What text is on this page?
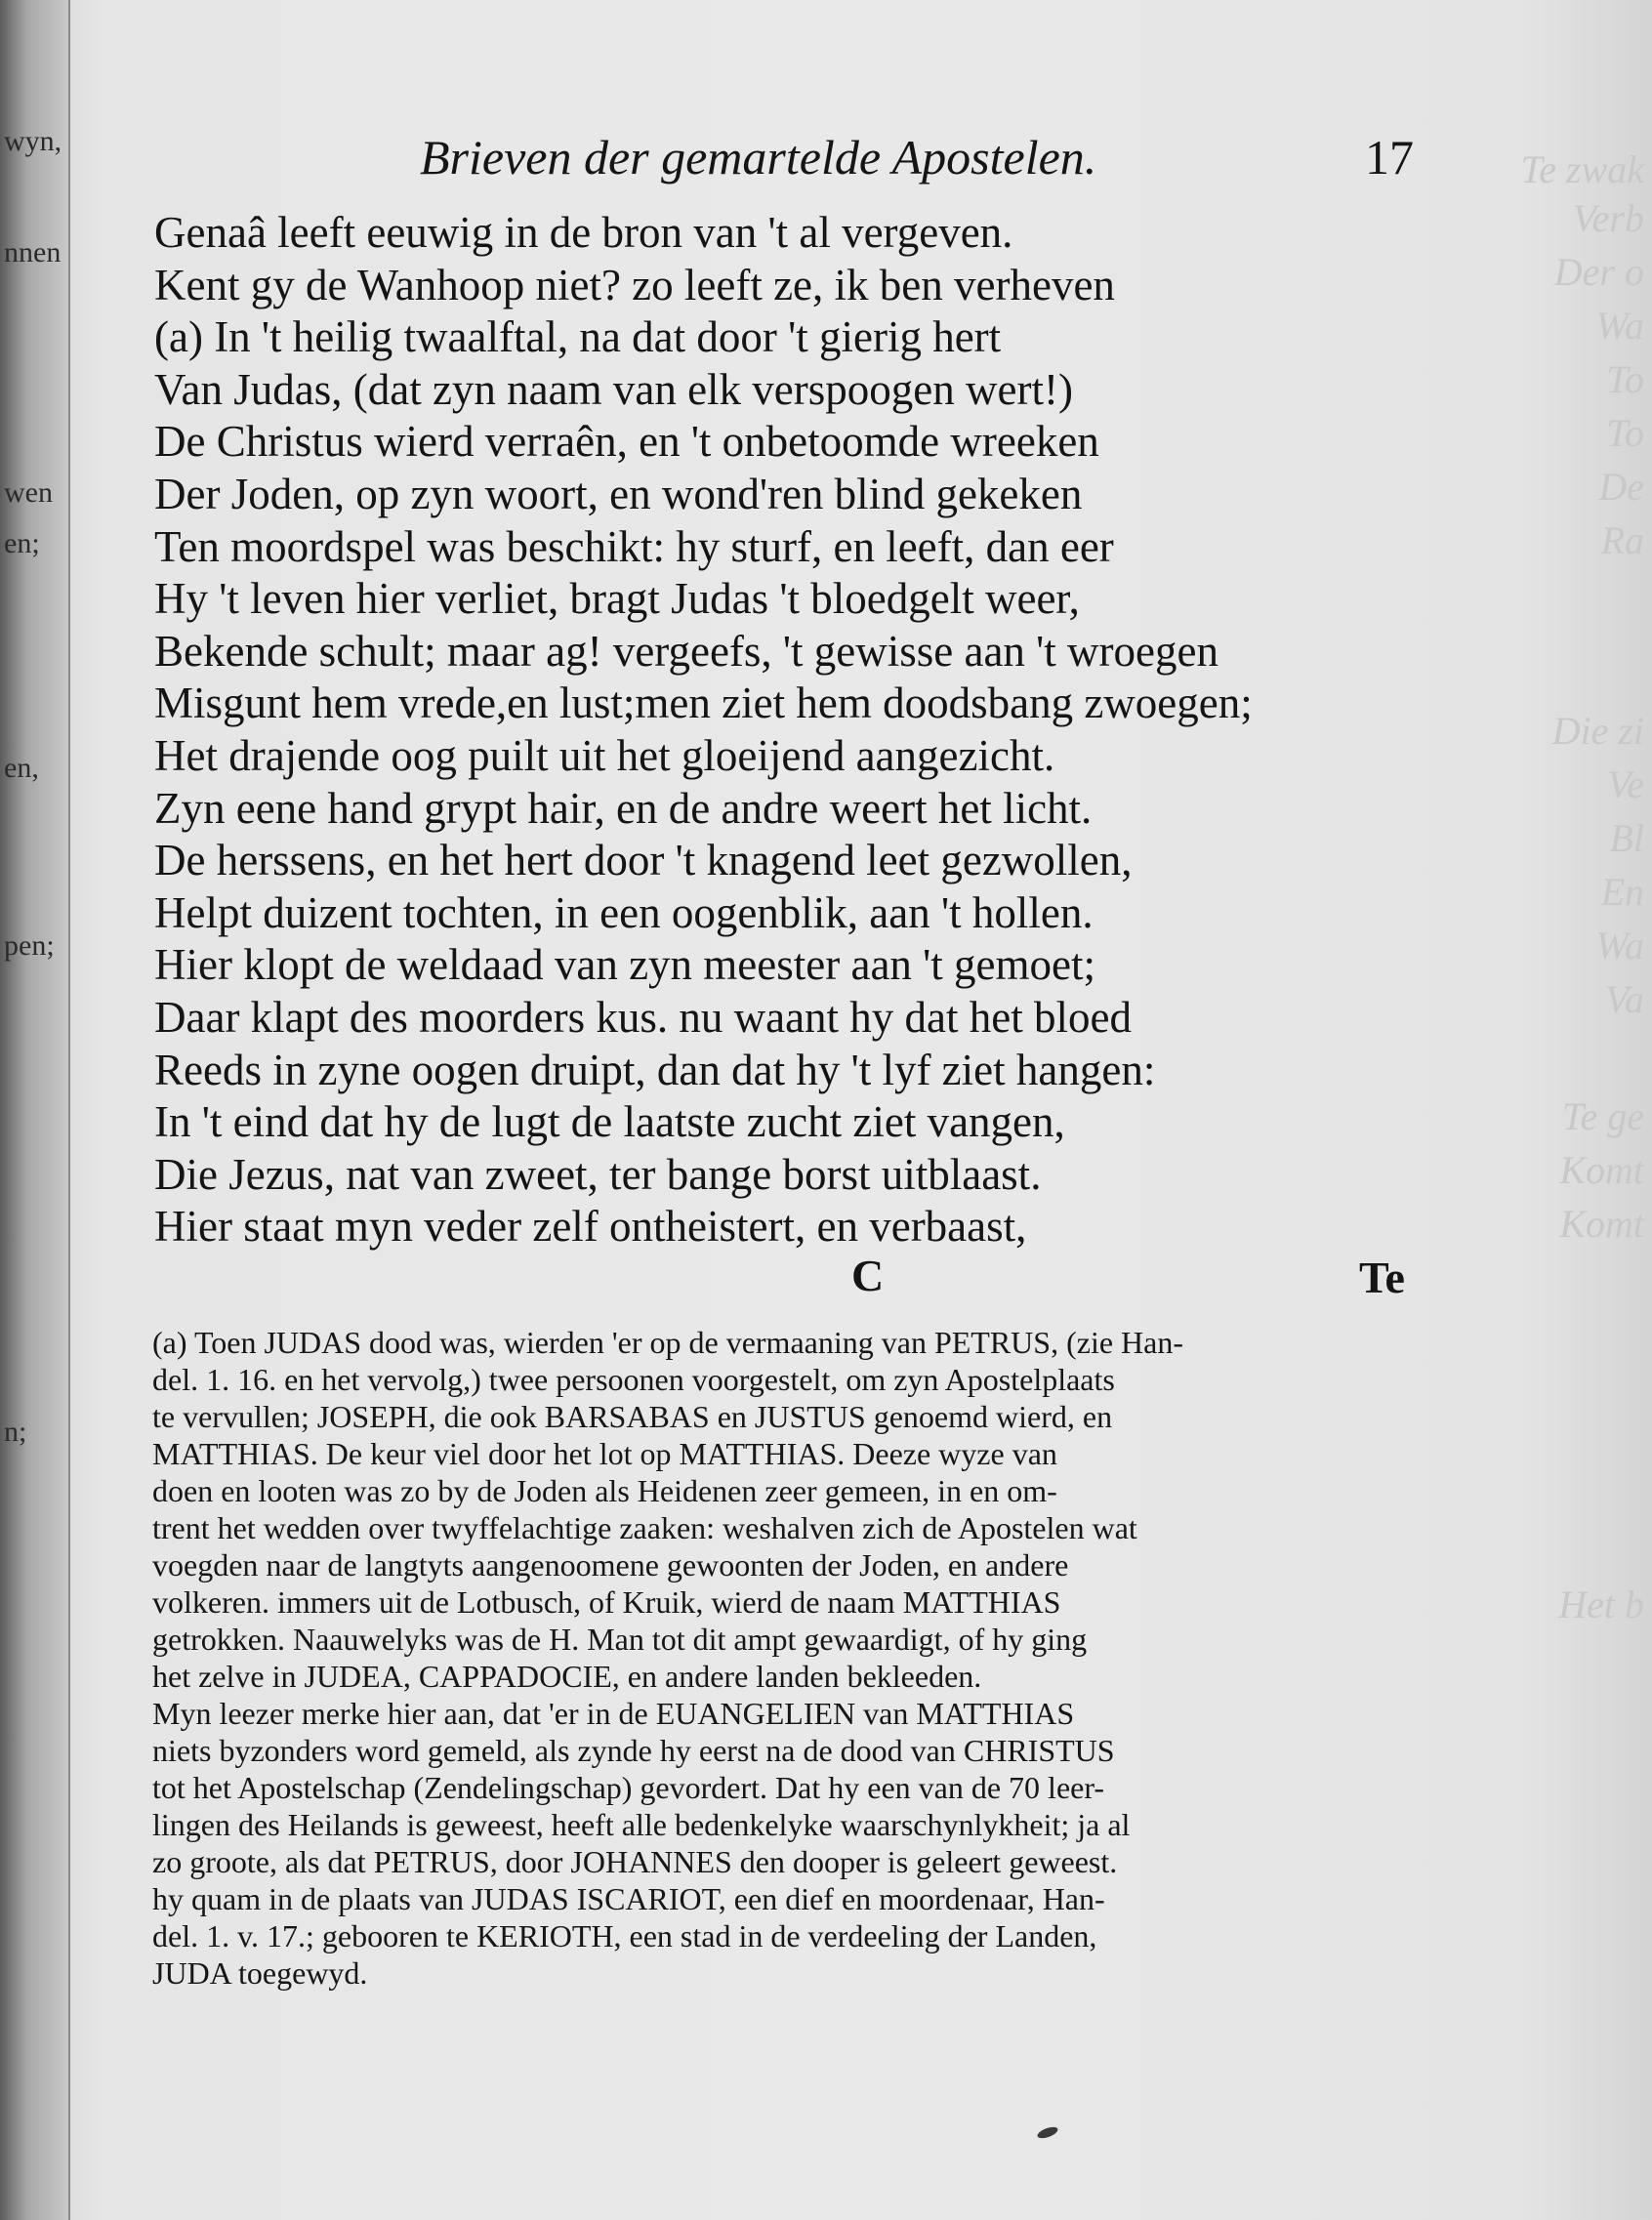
wyn,
nnen
wen
en;
en,
pen;
n;
Te zwak
Verb
Der o
Wa
To
To
De
Ra
Die zi
Ve
Bl
En
Wa
Va
Te ge
Komt
Komt
Het b
Brieven der gemartelde Apostelen.	17
Genaâ leeft eeuwig in de bron van 't al vergeven.
Kent gy de Wanhoop niet? zo leeft ze, ik ben verheven
(a) In 't heilig twaalftal, na dat door 't gierig hert
Van Judas, (dat zyn naam van elk verspoogen wert!)
De Christus wierd verraên, en 't onbetoomde wreeken
Der Joden, op zyn woort, en wond'ren blind gekeken
Ten moordspel was beschikt: hy sturf, en leeft, dan eer
Hy 't leven hier verliet, bragt Judas 't bloedgelt weer,
Bekende schult; maar ag! vergeefs, 't gewisse aan 't wroegen
Misgunt hem vrede,en lust;men ziet hem doodsbang zwoegen;
Het drajende oog puilt uit het gloeijend aangezicht.
Zyn eene hand grypt hair, en de andre weert het licht.
De herssens, en het hert door 't knagend leet gezwollen,
Helpt duizent tochten, in een oogenblik, aan 't hollen.
Hier klopt de weldaad van zyn meester aan 't gemoet;
Daar klapt des moorders kus. nu waant hy dat het bloed
Reeds in zyne oogen druipt, dan dat hy 't lyf ziet hangen:
In 't eind dat hy de lugt de laatste zucht ziet vangen,
Die Jezus, nat van zweet, ter bange borst uitblaast.
Hier staat myn veder zelf ontheistert, en verbaast,
C	Te
(a) Toen JUDAS dood was, wierden 'er op de vermaaning van PETRUS, (zie Han-
del. 1. 16. en het vervolg,) twee persoonen voorgestelt, om zyn Apostelplaats
te vervullen; JOSEPH, die ook BARSABAS en JUSTUS genoemd wierd, en
MATTHIAS. De keur viel door het lot op MATTHIAS. Deeze wyze van
doen en looten was zo by de Joden als Heidenen zeer gemeen, in en om-
trent het wedden over twyffelachtige zaaken: weshalven zich de Apostelen wat
voegden naar de langtyts aangenoomene gewoonten der Joden, en andere
volkeren. immers uit de Lotbusch, of Kruik, wierd de naam MATTHIAS
getrokken. Naauwelyks was de H. Man tot dit ampt gewaardigt, of hy ging
het zelve in JUDEA, CAPPADOCIE, en andere landen bekleeden.
Myn leezer merke hier aan, dat 'er in de EUANGELIEN van MATTHIAS
niets byzonders word gemeld, als zynde hy eerst na de dood van CHRISTUS
tot het Apostelschap (Zendelingschap) gevordert. Dat hy een van de 70 leer-
lingen des Heilands is geweest, heeft alle bedenkelyke waarschynlykheit; ja al
zo groote, als dat PETRUS, door JOHANNES den dooper is geleert geweest.
hy quam in de plaats van JUDAS ISCARIOT, een dief en moordenaar, Han-
del. 1. v. 17.; gebooren te KERIOTH, een stad in de verdeeling der Landen,
JUDA toegewyd.
